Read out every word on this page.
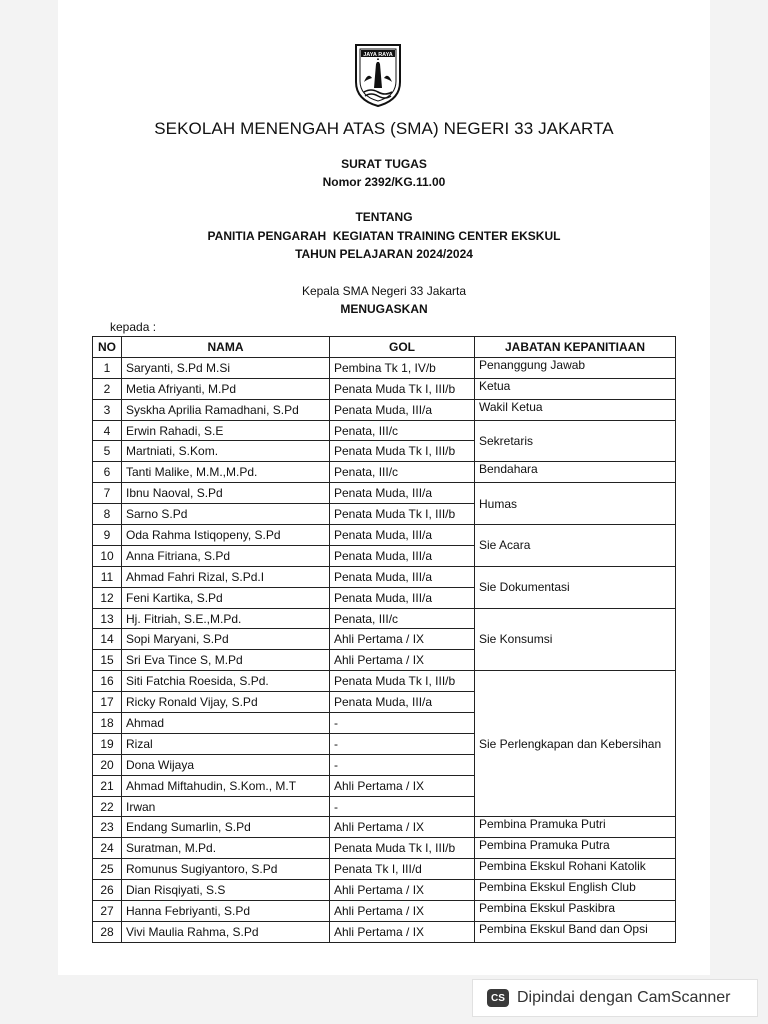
JAYA RAYA
SEKOLAH MENENGAH ATAS (SMA) NEGERI 33 JAKARTA
SURAT TUGAS
Nomor 2392/KG.11.00
TENTANG
PANITIA PENGARAH  KEGIATAN TRAINING CENTER EKSKUL
TAHUN PELAJARAN 2024/2024
Kepala SMA Negeri 33 Jakarta
MENUGASKAN
kepada :
NO	NAMA	GOL	JABATAN KEPANITIAAN
1	Saryanti, S.Pd M.Si	Pembina Tk 1, IV/b	Penanggung Jawab
2	Metia Afriyanti, M.Pd	Penata Muda Tk I, III/b	Ketua
3	Syskha Aprilia Ramadhani, S.Pd	Penata Muda, III/a	Wakil Ketua
4	Erwin Rahadi, S.E	Penata, III/c	Sekretaris
5	Martniati, S.Kom.	Penata Muda Tk I, III/b	
6	Tanti Malike, M.M.,M.Pd.	Penata, III/c	Bendahara
7	Ibnu Naoval, S.Pd	Penata Muda, III/a	Humas
8	Sarno S.Pd	Penata Muda Tk I, III/b	
9	Oda Rahma Istiqopeny, S.Pd	Penata Muda, III/a	Sie Acara
10	Anna Fitriana, S.Pd	Penata Muda, III/a	
11	Ahmad Fahri Rizal, S.Pd.I	Penata Muda, III/a	Sie Dokumentasi
12	Feni Kartika, S.Pd	Penata Muda, III/a	
13	Hj. Fitriah, S.E.,M.Pd.	Penata, III/c	Sie Konsumsi
14	Sopi Maryani, S.Pd	Ahli Pertama / IX	
15	Sri Eva Tince S, M.Pd	Ahli Pertama / IX	
16	Siti Fatchia Roesida, S.Pd.	Penata Muda Tk I, III/b	Sie Perlengkapan dan Kebersihan
17	Ricky Ronald Vijay, S.Pd	Penata Muda, III/a	
18	Ahmad	-	
19	Rizal	-	
20	Dona Wijaya	-	
21	Ahmad Miftahudin, S.Kom., M.T	Ahli Pertama / IX	
22	Irwan	-	
23	Endang Sumarlin, S.Pd	Ahli Pertama / IX	Pembina Pramuka Putri
24	Suratman, M.Pd.	Penata Muda Tk I, III/b	Pembina Pramuka Putra
25	Romunus Sugiyantoro, S.Pd	Penata Tk I, III/d	Pembina Ekskul Rohani Katolik
26	Dian Risqiyati, S.S	Ahli Pertama / IX	Pembina Ekskul English Club
27	Hanna Febriyanti, S.Pd	Ahli Pertama / IX	Pembina Ekskul Paskibra
28	Vivi Maulia Rahma, S.Pd	Ahli Pertama / IX	Pembina Ekskul Band dan Opsi
CS Dipindai dengan CamScanner
